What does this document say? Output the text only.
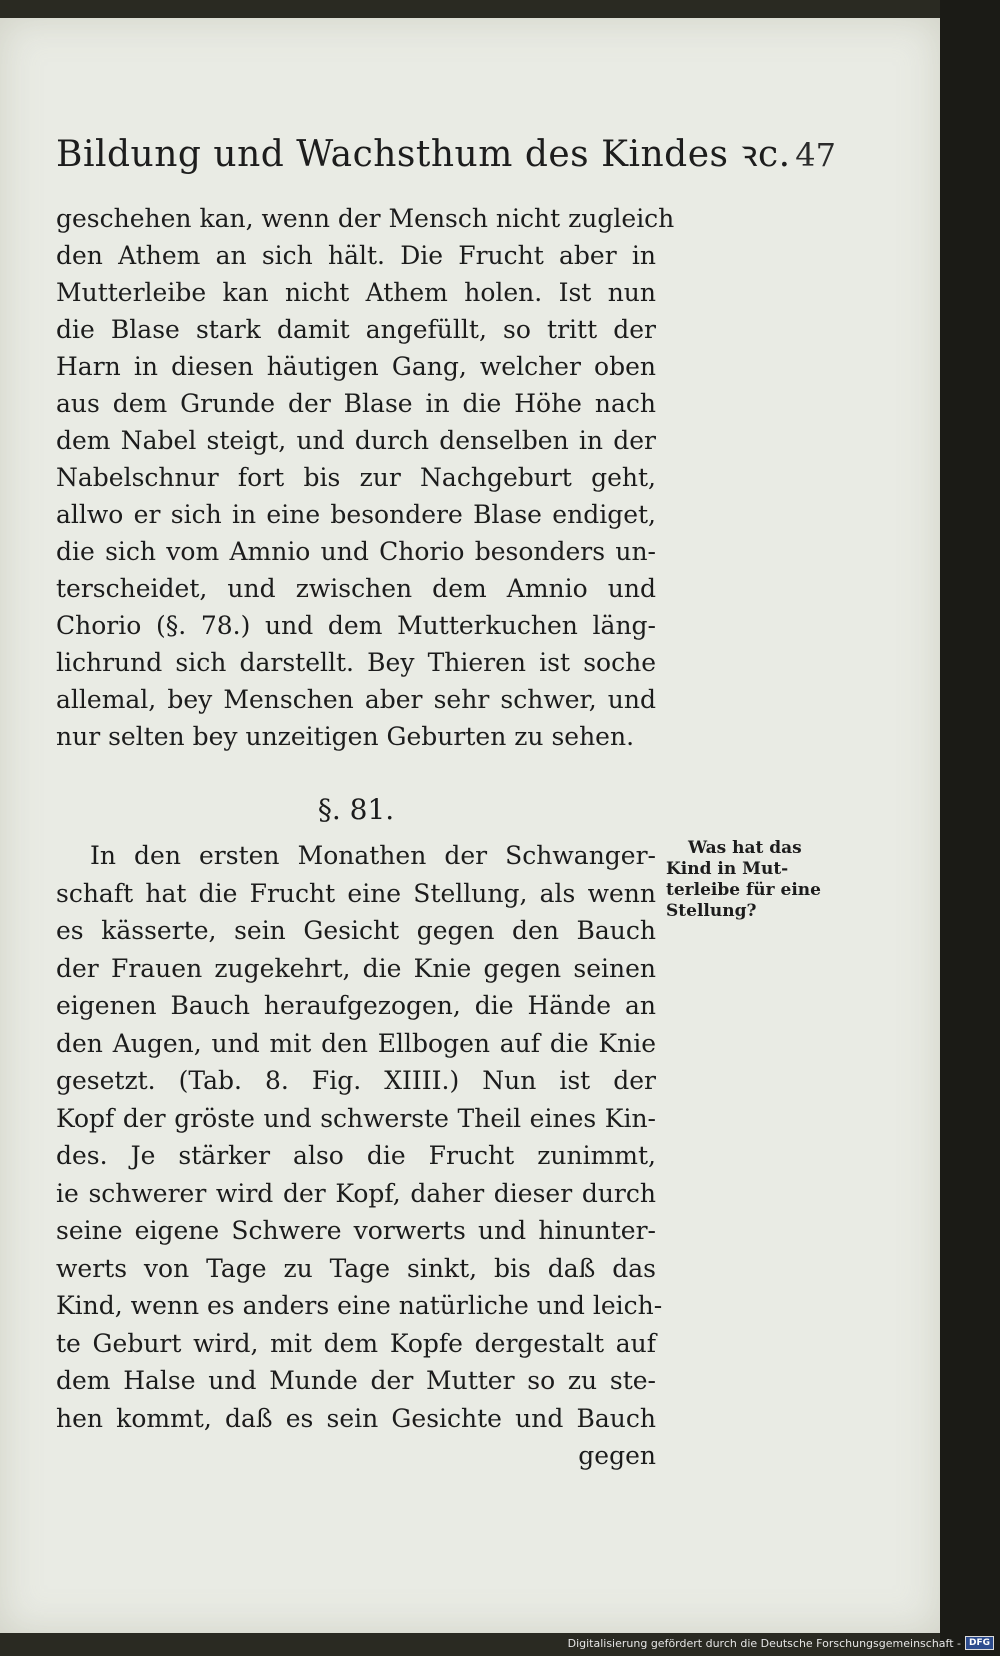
Bildung und Wachsthum des Kindes ꝛc. 47
geschehen kan, wenn der Mensch nicht zugleich
den Athem an sich hält. Die Frucht aber in
Mutterleibe kan nicht Athem holen. Ist nun
die Blase stark damit angefüllt, so tritt der
Harn in diesen häutigen Gang, welcher oben
aus dem Grunde der Blase in die Höhe nach
dem Nabel steigt, und durch denselben in der
Nabelschnur fort bis zur Nachgeburt geht,
allwo er sich in eine besondere Blase endiget,
die sich vom Amnio und Chorio besonders un-
terscheidet, und zwischen dem Amnio und
Chorio (§. 78.) und dem Mutterkuchen läng-
lichrund sich darstellt. Bey Thieren ist soche
allemal, bey Menschen aber sehr schwer, und
nur selten bey unzeitigen Geburten zu sehen.
§. 81.
In den ersten Monathen der Schwanger-
schaft hat die Frucht eine Stellung, als wenn
es kässerte, sein Gesicht gegen den Bauch
der Frauen zugekehrt, die Knie gegen seinen
eigenen Bauch heraufgezogen, die Hände an
den Augen, und mit den Ellbogen auf die Knie
gesetzt. (Tab. 8. Fig. XIIII.) Nun ist der
Kopf der gröste und schwerste Theil eines Kin-
des. Je stärker also die Frucht zunimmt,
ie schwerer wird der Kopf, daher dieser durch
seine eigene Schwere vorwerts und hinunter-
werts von Tage zu Tage sinkt, bis daß das
Kind, wenn es anders eine natürliche und leich-
te Geburt wird, mit dem Kopfe dergestalt auf
dem Halse und Munde der Mutter so zu ste-
hen kommt, daß es sein Gesichte und Bauch
gegen
Was hat das
Kind in Mut-
terleibe für eine
Stellung?
Digitalisierung gefördert durch die Deutsche Forschungsgemeinschaft - DFG
